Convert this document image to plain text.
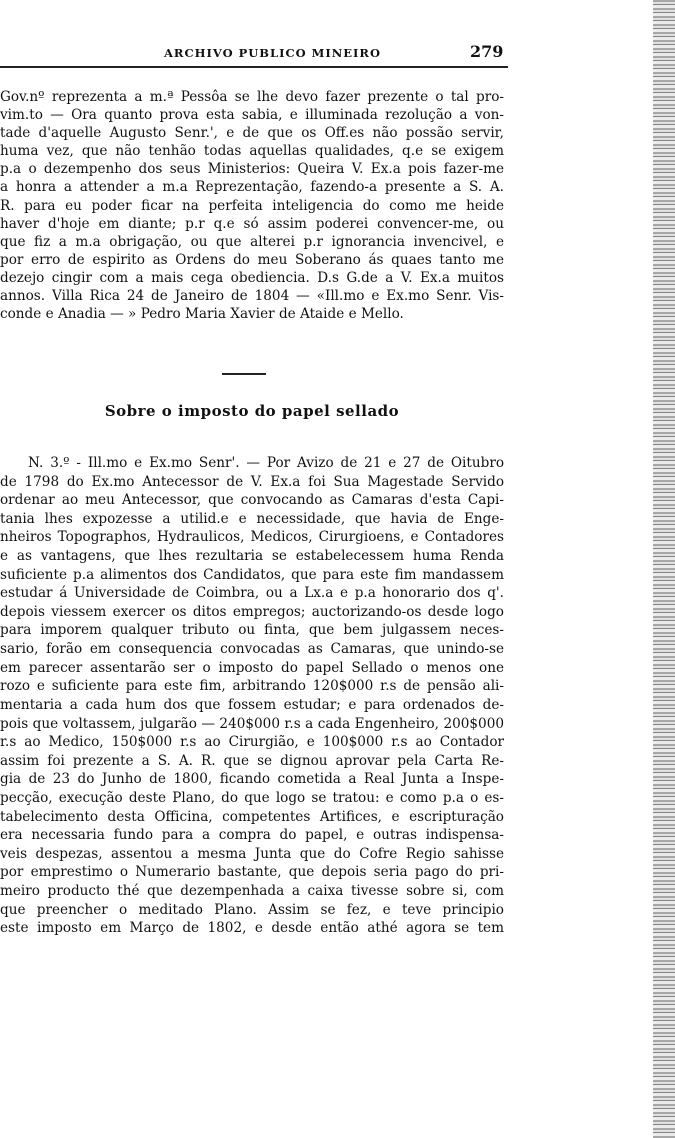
ARCHIVO PUBLICO MINEIRO	279
Gov.nº reprezenta a m.ª Pessôa se lhe devo fazer prezente o tal pro-
vim.to — Ora quanto prova esta sabia, e illuminada rezolução a von-
tade d'aquelle Augusto Senr.', e de que os Off.es não possão servir,
huma vez, que não tenhão todas aquellas qualidades, q.e se exigem
p.a o dezempenho dos seus Ministerios: Queira V. Ex.a pois fazer-me
a honra a attender a m.a Reprezentação, fazendo-a presente a S. A.
R. para eu poder ficar na perfeita inteligencia do como me heide
haver d'hoje em diante; p.r q.e só assim poderei convencer-me, ou
que fiz a m.a obrigação, ou que alterei p.r ignorancia invencivel, e
por erro de espirito as Ordens do meu Soberano ás quaes tanto me
dezejo cingir com a mais cega obediencia. D.s G.de a V. Ex.a muitos
annos. Villa Rica 24 de Janeiro de 1804 — «Ill.mo e Ex.mo Senr. Vis-
conde e Anadia — » Pedro Maria Xavier de Ataide e Mello.
Sobre o imposto do papel sellado
N. 3.º - Ill.mo e Ex.mo Senr'. — Por Avizo de 21 e 27 de Oitubro
de 1798 do Ex.mo Antecessor de V. Ex.a foi Sua Magestade Servido
ordenar ao meu Antecessor, que convocando as Camaras d'esta Capi-
tania lhes expozesse a utilid.e e necessidade, que havia de Enge-
nheiros Topographos, Hydraulicos, Medicos, Cirurgioens, e Contadores
e as vantagens, que lhes rezultaria se estabelecessem huma Renda
suficiente p.a alimentos dos Candidatos, que para este fim mandassem
estudar á Universidade de Coimbra, ou a Lx.a e p.a honorario dos q'.
depois viessem exercer os ditos empregos; auctorizando-os desde logo
para imporem qualquer tributo ou finta, que bem julgassem neces-
sario, forão em consequencia convocadas as Camaras, que unindo-se
em parecer assentarão ser o imposto do papel Sellado o menos one
rozo e suficiente para este fim, arbitrando 120$000 r.s de pensão ali-
mentaria a cada hum dos que fossem estudar; e para ordenados de-
pois que voltassem, julgarão — 240$000 r.s a cada Engenheiro, 200$000
r.s ao Medico, 150$000 r.s ao Cirurgião, e 100$000 r.s ao Contador
assim foi prezente a S. A. R. que se dignou aprovar pela Carta Re-
gia de 23 do Junho de 1800, ficando cometida a Real Junta a Inspe-
pecção, execução deste Plano, do que logo se tratou: e como p.a o es-
tabelecimento desta Officina, competentes Artifices, e escripturação
era necessaria fundo para a compra do papel, e outras indispensa-
veis despezas, assentou a mesma Junta que do Cofre Regio sahisse
por emprestimo o Numerario bastante, que depois seria pago do pri-
meiro producto thé que dezempenhada a caixa tivesse sobre si, com
que preencher o meditado Plano. Assim se fez, e teve principio
este imposto em Março de 1802, e desde então athé agora se tem
